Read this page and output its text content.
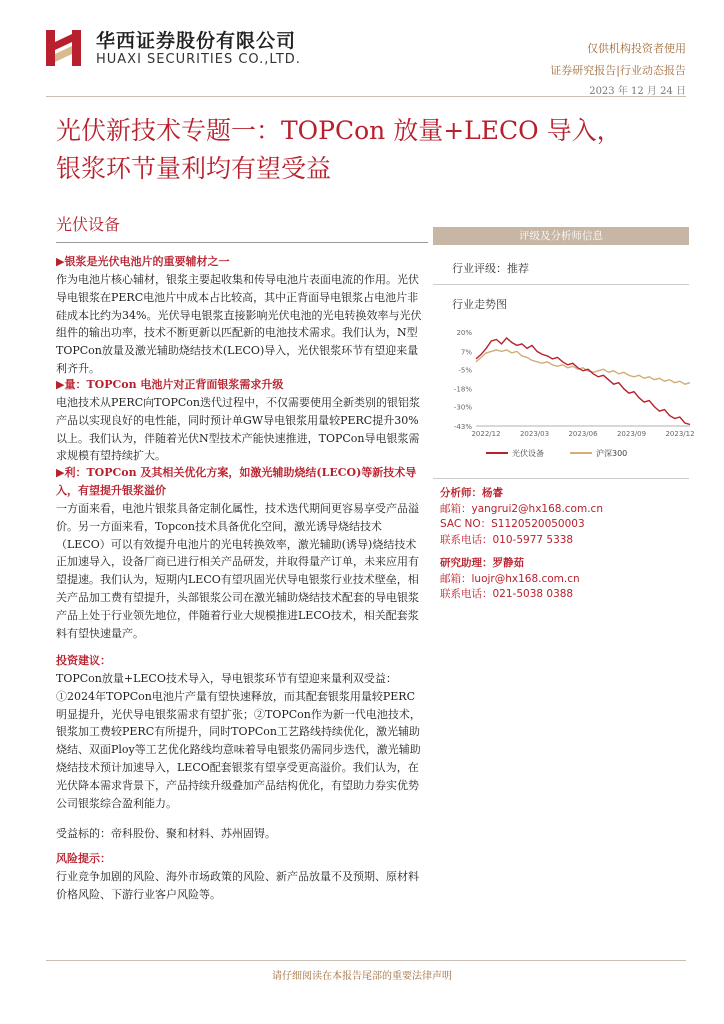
华西证券股份有限公司
HUAXI SECURITIES CO.,LTD.
仅供机构投资者使用
证券研究报告|行业动态报告
2023 年 12 月 24 日
光伏新技术专题一：TOPCon 放量+LECO 导入，
银浆环节量利均有望受益
光伏设备
▶银浆是光伏电池片的重要辅材之一
作为电池片核心辅材，银浆主要起收集和传导电池片表面电流的作用。光伏导电银浆在PERC电池片中成本占比较高，其中正背面导电银浆占电池片非硅成本比约为34%。光伏导电银浆直接影响光伏电池的光电转换效率与光伏组件的输出功率，技术不断更新以匹配新的电池技术需求。我们认为，N型TOPCon放量及激光辅助烧结技术(LECO)导入，光伏银浆环节有望迎来量利齐升。
▶量：TOPCon 电池片对正背面银浆需求升级
电池技术从PERC向TOPCon迭代过程中，不仅需要使用全新类别的银铝浆产品以实现良好的电性能，同时预计单GW导电银浆用量较PERC提升30%以上。我们认为，伴随着光伏N型技术产能快速推进，TOPCon导电银浆需求规模有望持续扩大。
▶利：TOPCon 及其相关优化方案，如激光辅助烧结(LECO)等新技术导入，有望提升银浆溢价
一方面来看，电池片银浆具备定制化属性，技术迭代期间更容易享受产品溢价。另一方面来看，Topcon技术具备优化空间，激光诱导烧结技术（LECO）可以有效提升电池片的光电转换效率，激光辅助(诱导)烧结技术正加速导入，设备厂商已进行相关产品研发，并取得量产订单，未来应用有望提速。我们认为，短期内LECO有望巩固光伏导电银浆行业技术壁垒，相关产品加工费有望提升，头部银浆公司在激光辅助烧结技术配套的导电银浆产品上处于行业领先地位，伴随着行业大规模推进LECO技术，相关配套浆料有望快速量产。
投资建议：
TOPCon放量+LECO技术导入，导电银浆环节有望迎来量利双受益：①2024年TOPCon电池片产量有望快速释放，而其配套银浆用量较PERC明显提升，光伏导电银浆需求有望扩张；②TOPCon作为新一代电池技术，银浆加工费较PERC有所提升，同时TOPCon工艺路线持续优化，激光辅助烧结、双面Ploy等工艺优化路线均意味着导电银浆仍需同步迭代，激光辅助烧结技术预计加速导入，LECO配套银浆有望享受更高溢价。我们认为，在光伏降本需求背景下，产品持续升级叠加产品结构优化，有望助力券实优势公司银浆综合盈利能力。
受益标的：帝科股份、聚和材料、苏州固锝。
风险提示：
行业竞争加剧的风险、海外市场政策的风险、新产品放量不及预期、原材料价格风险、下游行业客户风险等。
评级及分析师信息
行业评级：推荐
行业走势图
20%
7%
-5%
-18%
-30%
-43%
2022/12	2023/03	2023/06	2023/09	2023/12
光伏设备	沪深300
分析师：杨睿
邮箱：yangrui2@hx168.com.cn
SAC NO：S1120520050003
联系电话：010-5977 5338
研究助理：罗静茹
邮箱：luojr@hx168.com.cn
联系电话：021-5038 0388
请仔细阅读在本报告尾部的重要法律声明
